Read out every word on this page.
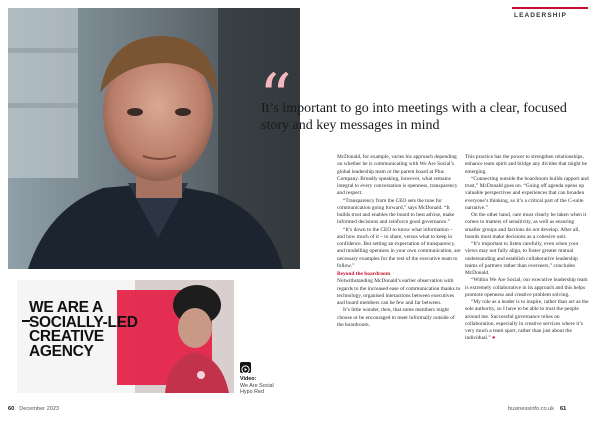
LEADERSHIP
“
It’s important to go into meetings with a clear, focused story and key messages in mind

McDonald, for example, varies his approach depending on whether he is communicating with We Are Social’s global leadership team or the parent board at Plus Company. Broadly speaking, however, what remains integral to every conversation is openness, transparency and respect.

“Transparency from the CEO sets the tone for communication going forward,” says McDonald. “It builds trust and enables the board to best advise, make informed decisions and reinforce good governance.”

“It’s down to the CEO to know what information – and how much of it – to share, versus what to keep in confidence. But setting an expectation of transparency, and modelling openness in your own communication, are necessary examples for the rest of the executive team to follow.”

Beyond the boardroom

Notwithstanding McDonald’s earlier observation with regards to the increased ease of communication thanks to technology, organised interactions between executives and board members can be few and far between.

It’s little wonder, then, that some members might choose or be encouraged to meet informally outside of the boardroom.

This practice has the power to strengthen relationships, enhance team spirit and bridge any divides that might be emerging.

“Connecting outside the boardroom builds rapport and trust,” McDonald goes on. “Going off agenda opens up valuable perspectives and experiences that can broaden everyone’s thinking, so it’s a critical part of the C-suite narrative.”

On the other hand, care must clearly be taken when it comes to matters of sensitivity, as well as ensuring smaller groups and factions do not develop. After all, boards must make decisions as a cohesive unit.

“It’s important to listen carefully, even when your views may not fully align, to foster greater mutual understanding and establish collaborative leadership teams of partners rather than overseers,” concludes McDonald.

“Within We Are Social, our executive leadership team is extremely collaborative in its approach and this helps promote openness and creative problem solving.

“My role as a leader is to inspire, rather than act as the sole authority, so I have to be able to trust the people around me. Successful governance relies on collaboration, especially in creative services where it’s very much a team sport, rather than just about the individual.” ●

WE ARE A
SOCIALLY-LED
CREATIVE
AGENCY
Video:
We Are Social
Hypo Red
60 December 2023	businessinfo.co.uk 61
